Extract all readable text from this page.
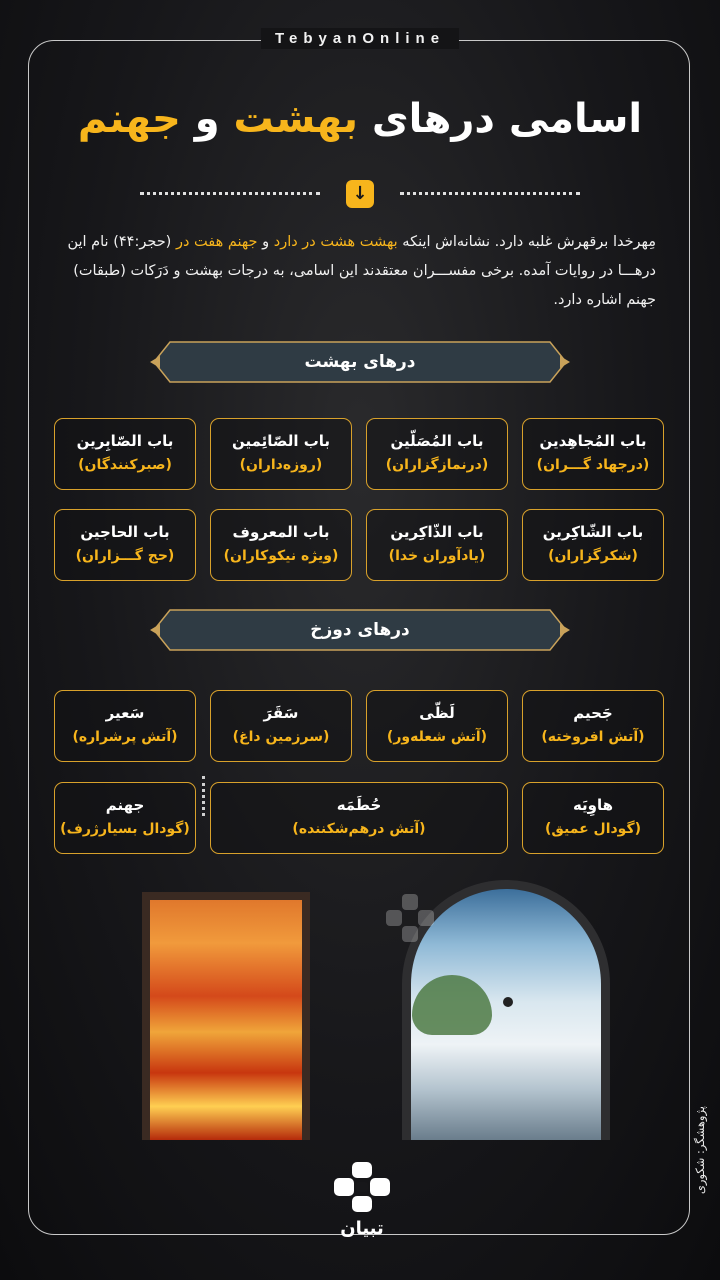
TebyanOnline
اسامی درهای بهشت و جهنم
↓
مِهرخدا برقهرش غلبه دارد. نشانه‌اش اینکه بهشت هشت در دارد و جهنم هفت در (حجر:۴۴) نام این درهـــا در روایات آمده. برخی مفســـران معتقدند این اسامی، به درجات بهشت و دَرَکات (طبقات) جهنم اشاره دارد.
درهای بهشت
باب المُجاهِدین
(درجهاد گـــران)
باب المُصَلّین
(درنمازگزاران)
باب الصّائِمین
(روزه‌داران)
باب الصّابِرین
(صبرکنندگان)
باب الشّاکِرین
(شکرگزاران)
باب الذّاکِرین
(یادآوران خدا)
باب المعروف
(ویژه نیکوکاران)
باب الحاجین
(حج گـــزاران)
درهای دوزخ
جَحیم
(آتش افروخته)
لَظّی
(آتش شعله‌ور)
سَقَرَ
(سرزمین داغ)
سَعیر
(آتش پرشراره)
هاوِیَه
(گودال عمیق)
حُطَمَه
(آتش درهم‌شکننده)
جهنم
(گودال بسیارژرف)
تبیان
پژوهشگر: شکوری
